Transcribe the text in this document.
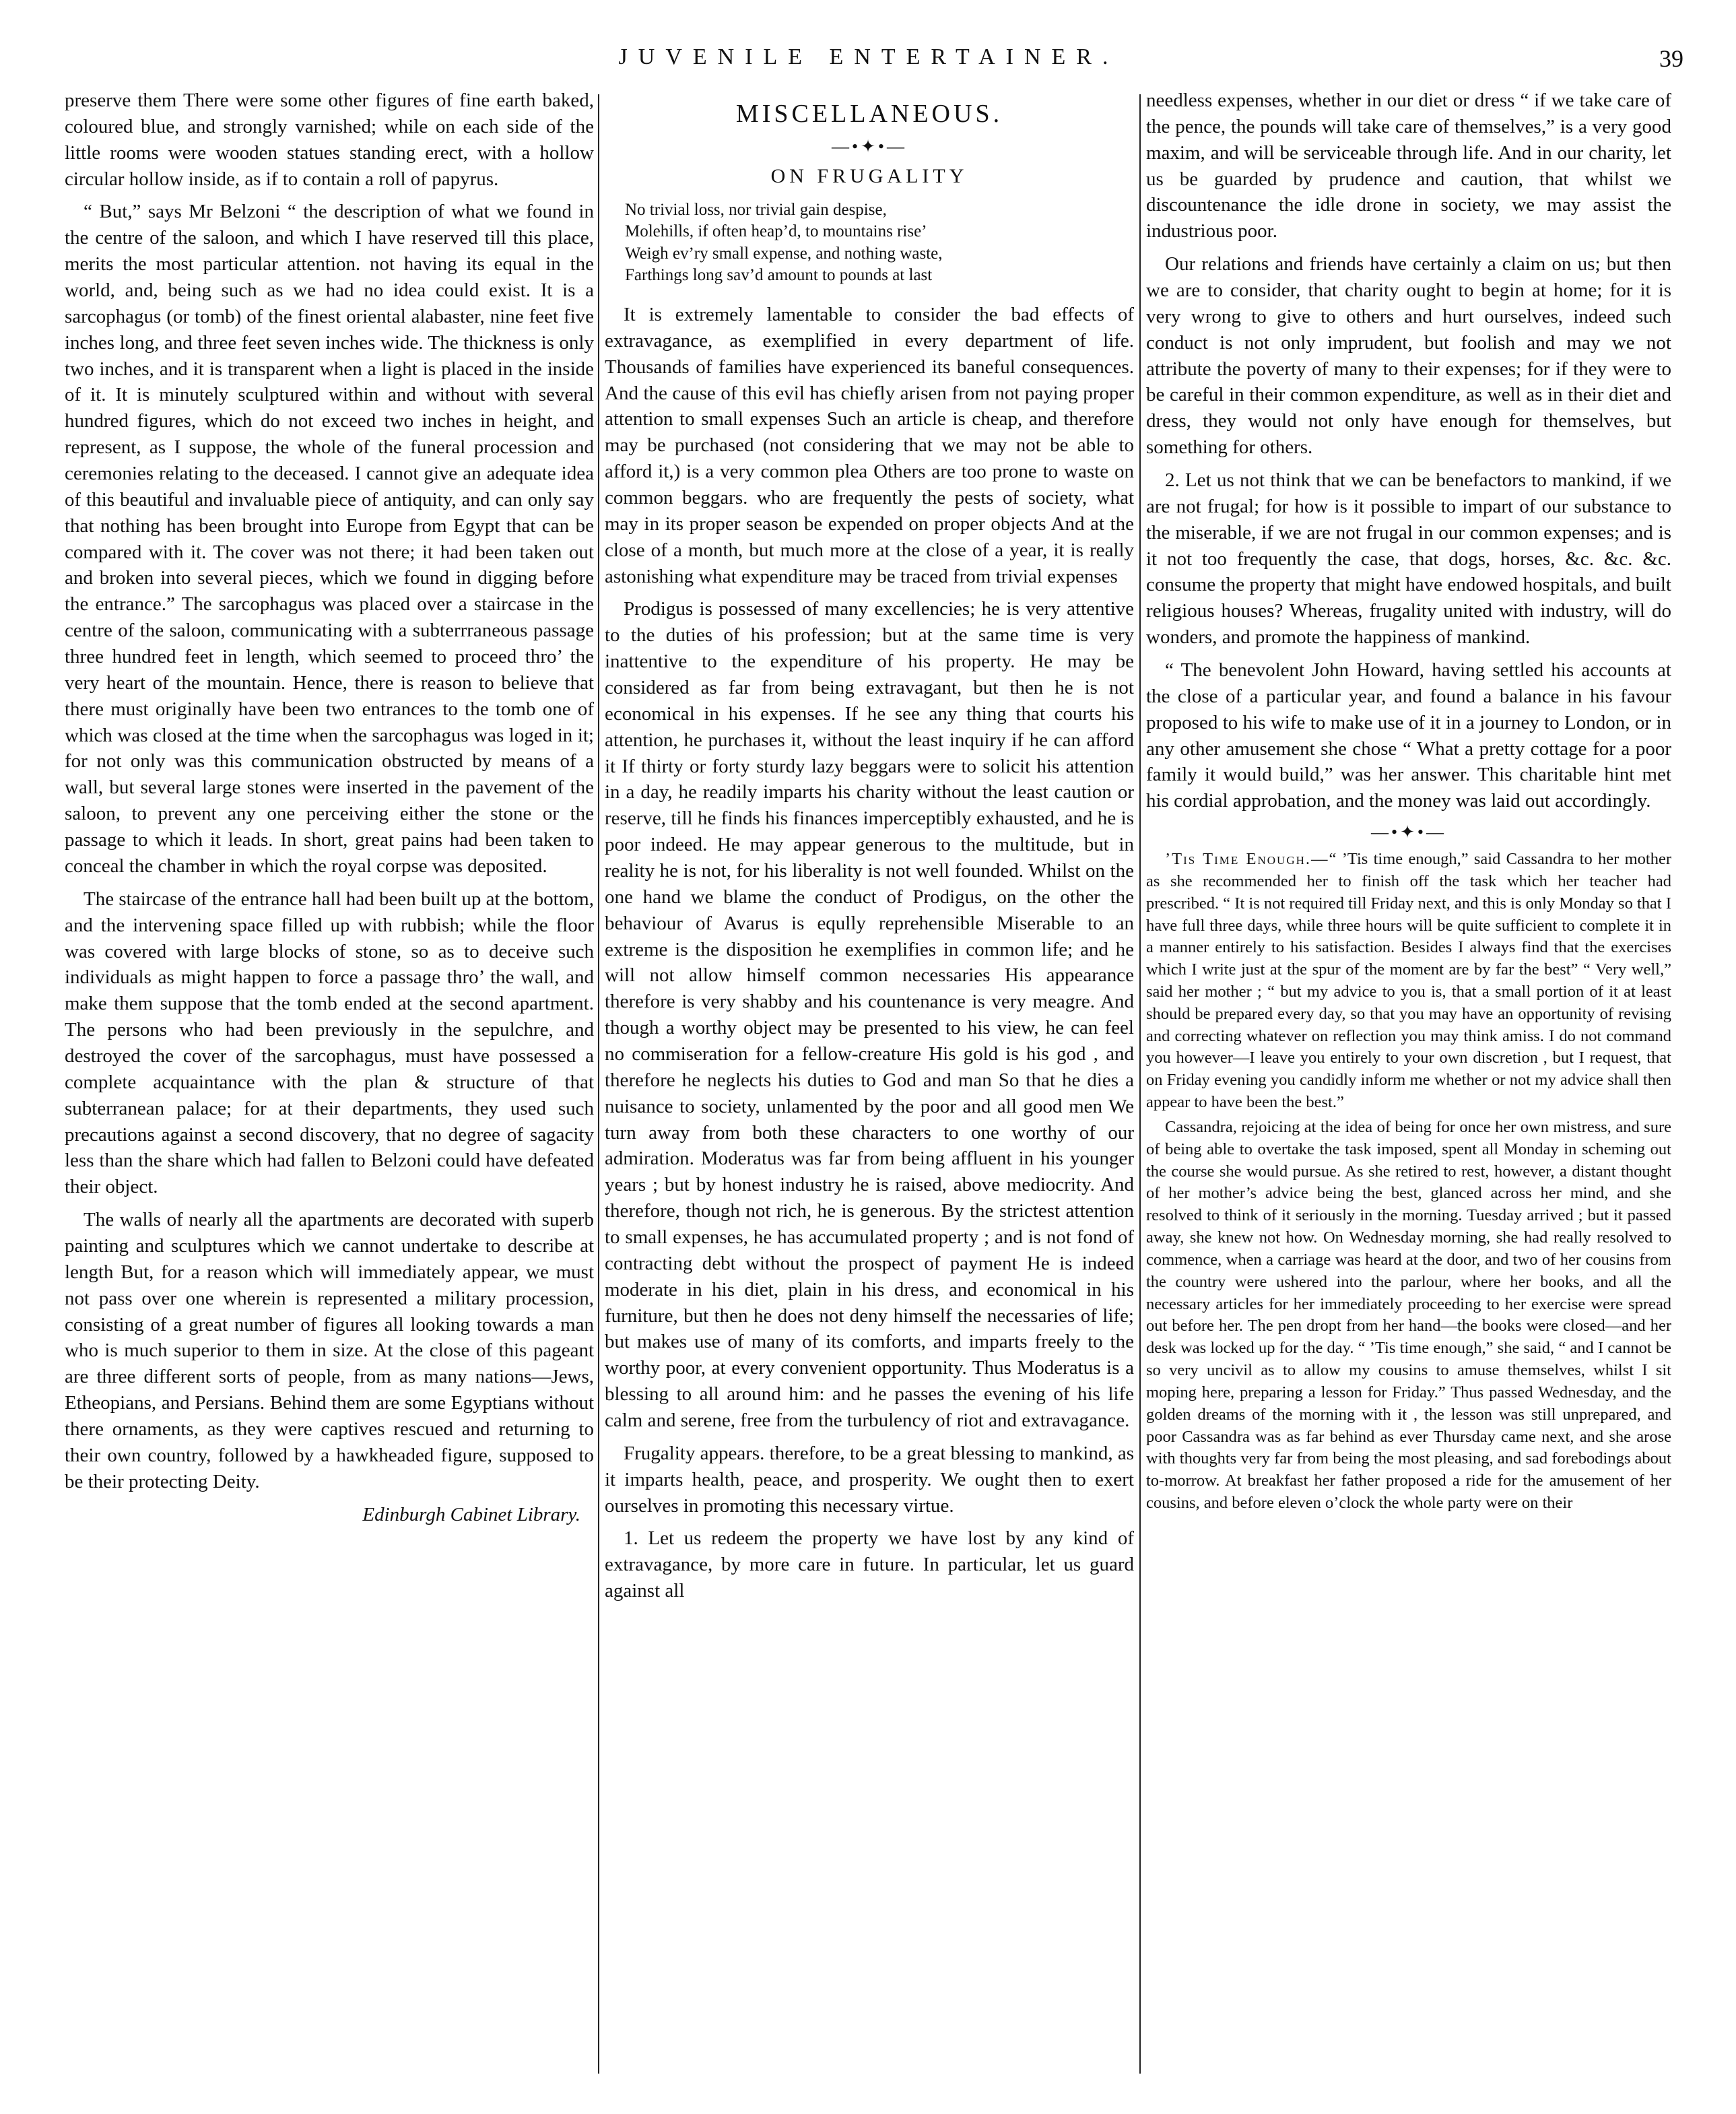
JUVENILE ENTERTAINER.	39

preserve them There were some other figures of fine earth baked, coloured blue, and strongly varnished; while on each side of the little rooms were wooden statues standing erect, with a hollow circular hollow inside, as if to contain a roll of papyrus.

“ But,” says Mr Belzoni “ the description of what we found in the centre of the saloon, and which I have reserved till this place, merits the most particular attention. not having its equal in the world, and, being such as we had no idea could exist. It is a sarcophagus (or tomb) of the finest oriental alabaster, nine feet five inches long, and three feet seven inches wide. The thickness is only two inches, and it is transparent when a light is placed in the inside of it. It is minutely sculptured within and without with several hundred figures, which do not exceed two inches in height, and represent, as I suppose, the whole of the funeral procession and ceremonies relating to the deceased. I cannot give an adequate idea of this beautiful and invaluable piece of antiquity, and can only say that nothing has been brought into Europe from Egypt that can be compared with it. The cover was not there; it had been taken out and broken into several pieces, which we found in digging before the entrance.” The sarcophagus was placed over a staircase in the centre of the saloon, communicating with a subterrraneous passage three hundred feet in length, which seemed to proceed thro’ the very heart of the mountain. Hence, there is reason to believe that there must originally have been two entrances to the tomb one of which was closed at the time when the sarcophagus was loged in it; for not only was this communication obstructed by means of a wall, but several large stones were inserted in the pavement of the saloon, to prevent any one perceiving either the stone or the passage to which it leads. In short, great pains had been taken to conceal the chamber in which the royal corpse was deposited.

The staircase of the entrance hall had been built up at the bottom, and the intervening space filled up with rubbish; while the floor was covered with large blocks of stone, so as to deceive such individuals as might happen to force a passage thro’ the wall, and make them suppose that the tomb ended at the second apartment. The persons who had been previously in the sepulchre, and destroyed the cover of the sarcophagus, must have possessed a complete acquaintance with the plan & structure of that subterranean palace; for at their departments, they used such precautions against a second discovery, that no degree of sagacity less than the share which had fallen to Belzoni could have defeated their object.

The walls of nearly all the apartments are decorated with superb painting and sculptures which we cannot undertake to describe at length But, for a reason which will immediately appear, we must not pass over one wherein is represented a military procession, consisting of a great number of figures all looking towards a man who is much superior to them in size. At the close of this pageant are three different sorts of people, from as many nations—Jews, Etheopians, and Persians. Behind them are some Egyptians without there ornaments, as they were captives rescued and returning to their own country, followed by a hawkheaded figure, supposed to be their protecting Deity.

Edinburgh Cabinet Library.
MISCELLANEOUS.
—•✦•—
ON FRUGALITY
No trivial loss, nor trivial gain despise,
Molehills, if often heap’d, to mountains rise’
Weigh ev’ry small expense, and nothing waste,
Farthings long sav’d amount to pounds at last

It is extremely lamentable to consider the bad effects of extravagance, as exemplified in every department of life. Thousands of families have experienced its baneful consequences. And the cause of this evil has chiefly arisen from not paying proper attention to small expenses Such an article is cheap, and therefore may be purchased (not considering that we may not be able to afford it,) is a very common plea Others are too prone to waste on common beggars. who are frequently the pests of society, what may in its proper season be expended on proper objects And at the close of a month, but much more at the close of a year, it is really astonishing what expenditure may be traced from trivial expenses

Prodigus is possessed of many excellencies; he is very attentive to the duties of his profession; but at the same time is very inattentive to the expenditure of his property. He may be considered as far from being extravagant, but then he is not economical in his expenses. If he see any thing that courts his attention, he purchases it, without the least inquiry if he can afford it If thirty or forty sturdy lazy beggars were to solicit his attention in a day, he readily imparts his charity without the least caution or reserve, till he finds his finances imperceptibly exhausted, and he is poor indeed. He may appear generous to the multitude, but in reality he is not, for his liberality is not well founded. Whilst on the one hand we blame the conduct of Prodigus, on the other the behaviour of Avarus is eqully reprehensible Miserable to an extreme is the disposition he exemplifies in common life; and he will not allow himself common necessaries His appearance therefore is very shabby and his countenance is very meagre. And though a worthy object may be presented to his view, he can feel no commiseration for a fellow-creature His gold is his god , and therefore he neglects his duties to God and man So that he dies a nuisance to society, unlamented by the poor and all good men We turn away from both these characters to one worthy of our admiration. Moderatus was far from being affluent in his younger years ; but by honest industry he is raised, above mediocrity. And therefore, though not rich, he is generous. By the strictest attention to small expenses, he has accumulated property ; and is not fond of contracting debt without the prospect of payment He is indeed moderate in his diet, plain in his dress, and economical in his furniture, but then he does not deny himself the necessaries of life; but makes use of many of its comforts, and imparts freely to the worthy poor, at every convenient opportunity. Thus Moderatus is a blessing to all around him: and he passes the evening of his life calm and serene, free from the turbulency of riot and extravagance.

Frugality appears. therefore, to be a great blessing to mankind, as it imparts health, peace, and prosperity. We ought then to exert ourselves in promoting this necessary virtue.

1. Let us redeem the property we have lost by any kind of extravagance, by more care in future. In particular, let us guard against all

needless expenses, whether in our diet or dress “ if we take care of the pence, the pounds will take care of themselves,” is a very good maxim, and will be serviceable through life. And in our charity, let us be guarded by prudence and caution, that whilst we discountenance the idle drone in society, we may assist the industrious poor.

Our relations and friends have certainly a claim on us; but then we are to consider, that charity ought to begin at home; for it is very wrong to give to others and hurt ourselves, indeed such conduct is not only imprudent, but foolish and may we not attribute the poverty of many to their expenses; for if they were to be careful in their common expenditure, as well as in their diet and dress, they would not only have enough for themselves, but something for others.

2. Let us not think that we can be benefactors to mankind, if we are not frugal; for how is it possible to impart of our substance to the miserable, if we are not frugal in our common expenses; and is it not too frequently the case, that dogs, horses, &c. &c. &c. consume the property that might have endowed hospitals, and built religious houses? Whereas, frugality united with industry, will do wonders, and promote the happiness of mankind.

“ The benevolent John Howard, having settled his accounts at the close of a particular year, and found a balance in his favour proposed to his wife to make use of it in a journey to London, or in any other amusement she chose “ What a pretty cottage for a poor family it would build,” was her answer. This charitable hint met his cordial approbation, and the money was laid out accordingly.

—•✦•—

’Tis Time Enough.—“ ’Tis time enough,” said Cassandra to her mother as she recommended her to finish off the task which her teacher had prescribed. “ It is not required till Friday next, and this is only Monday so that I have full three days, while three hours will be quite sufficient to complete it in a manner entirely to his satisfaction. Besides I always find that the exercises which I write just at the spur of the moment are by far the best” “ Very well,” said her mother ; “ but my advice to you is, that a small portion of it at least should be prepared every day, so that you may have an opportunity of revising and correcting whatever on reflection you may think amiss. I do not command you however—I leave you entirely to your own discretion , but I request, that on Friday evening you candidly inform me whether or not my advice shall then appear to have been the best.”

Cassandra, rejoicing at the idea of being for once her own mistress, and sure of being able to overtake the task imposed, spent all Monday in scheming out the course she would pursue. As she retired to rest, however, a distant thought of her mother’s advice being the best, glanced across her mind, and she resolved to think of it seriously in the morning. Tuesday arrived ; but it passed away, she knew not how. On Wednesday morning, she had really resolved to commence, when a carriage was heard at the door, and two of her cousins from the country were ushered into the parlour, where her books, and all the necessary articles for her immediately proceeding to her exercise were spread out before her. The pen dropt from her hand—the books were closed—and her desk was locked up for the day. “ ’Tis time enough,” she said, “ and I cannot be so very uncivil as to allow my cousins to amuse themselves, whilst I sit moping here, preparing a lesson for Friday.” Thus passed Wednesday, and the golden dreams of the morning with it , the lesson was still unprepared, and poor Cassandra was as far behind as ever Thursday came next, and she arose with thoughts very far from being the most pleasing, and sad forebodings about to-morrow. At breakfast her father proposed a ride for the amusement of her cousins, and before eleven o’clock the whole party were on their
